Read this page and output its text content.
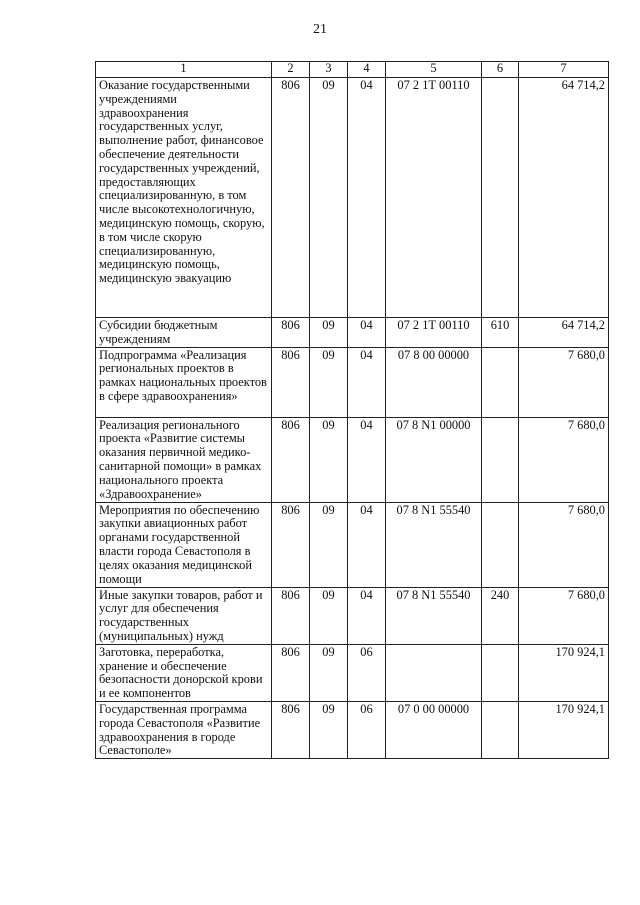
21
1	2	3	4	5	6	7
Оказание государственными учреждениями здравоохранения государственных услуг, выполнение работ, финансовое обеспечение деятельности государственных учреждений, предоставляющих специализированную, в том числе высокотехнологичную, медицинскую помощь, скорую, в том числе скорую специализированную, медицинскую помощь, медицинскую эвакуацию	806	09	04	07 2 1Т 00110		64 714,2
Субсидии бюджетным учреждениям	806	09	04	07 2 1Т 00110	610	64 714,2
Подпрограмма «Реализация региональных проектов в рамках национальных проектов в сфере здравоохранения»	806	09	04	07 8 00 00000		7 680,0
Реализация регионального проекта «Развитие системы оказания первичной медико-санитарной помощи» в рамках национального проекта «Здравоохранение»	806	09	04	07 8 N1 00000		7 680,0
Мероприятия по обеспечению закупки авиационных работ органами государственной власти города Севастополя в целях оказания медицинской помощи	806	09	04	07 8 N1 55540		7 680,0
Иные закупки товаров, работ и услуг для обеспечения государственных (муниципальных) нужд	806	09	04	07 8 N1 55540	240	7 680,0
Заготовка, переработка, хранение и обеспечение безопасности донорской крови и ее компонентов	806	09	06			170 924,1
Государственная программа города Севастополя «Развитие здравоохранения в городе Севастополе»	806	09	06	07 0 00 00000		170 924,1
